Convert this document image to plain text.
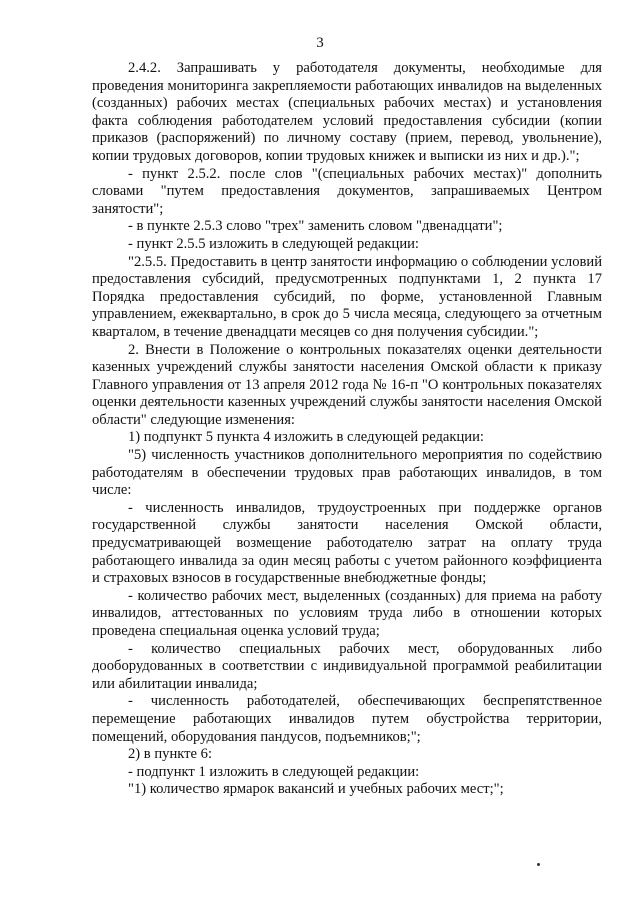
3

2.4.2. Запрашивать у работодателя документы, необходимые для проведения мониторинга закрепляемости работающих инвалидов на выделенных (созданных) рабочих местах (специальных рабочих местах) и установления факта соблюдения работодателем условий предоставления субсидии (копии приказов (распоряжений) по личному составу (прием, перевод, увольнение), копии трудовых договоров, копии трудовых книжек и выписки из них и др.).";

- пункт 2.5.2. после слов "(специальных рабочих местах)" дополнить словами "путем предоставления документов, запрашиваемых Центром занятости";

- в пункте 2.5.3 слово "трех" заменить словом "двенадцати";

- пункт 2.5.5 изложить в следующей редакции:

"2.5.5. Предоставить в центр занятости информацию о соблюдении условий предоставления субсидий, предусмотренных подпунктами 1, 2 пункта 17 Порядка предоставления субсидий, по форме, установленной Главным управлением, ежеквартально, в срок до 5 числа месяца, следующего за отчетным кварталом, в течение двенадцати месяцев со дня получения субсидии.";

2. Внести в Положение о контрольных показателях оценки деятельности казенных учреждений службы занятости населения Омской области к приказу Главного управления от 13 апреля 2012 года № 16-п "О контрольных показателях оценки деятельности казенных учреждений службы занятости населения Омской области" следующие изменения:

1) подпункт 5 пункта 4 изложить в следующей редакции:

"5) численность участников дополнительного мероприятия по содействию работодателям в обеспечении трудовых прав работающих инвалидов, в том числе:

- численность инвалидов, трудоустроенных при поддержке органов государственной службы занятости населения Омской области, предусматривающей возмещение работодателю затрат на оплату труда работающего инвалида за один месяц работы с учетом районного коэффициента и страховых взносов в государственные внебюджетные фонды;

- количество рабочих мест, выделенных (созданных) для приема на работу инвалидов, аттестованных по условиям труда либо в отношении которых проведена специальная оценка условий труда;

- количество специальных рабочих мест, оборудованных либо дооборудованных в соответствии с индивидуальной программой реабилитации или абилитации инвалида;

- численность работодателей, обеспечивающих беспрепятственное перемещение работающих инвалидов путем обустройства территории, помещений, оборудования пандусов, подъемников;";

2) в пункте 6:

- подпункт 1 изложить в следующей редакции:

"1) количество ярмарок вакансий и учебных рабочих мест;";
